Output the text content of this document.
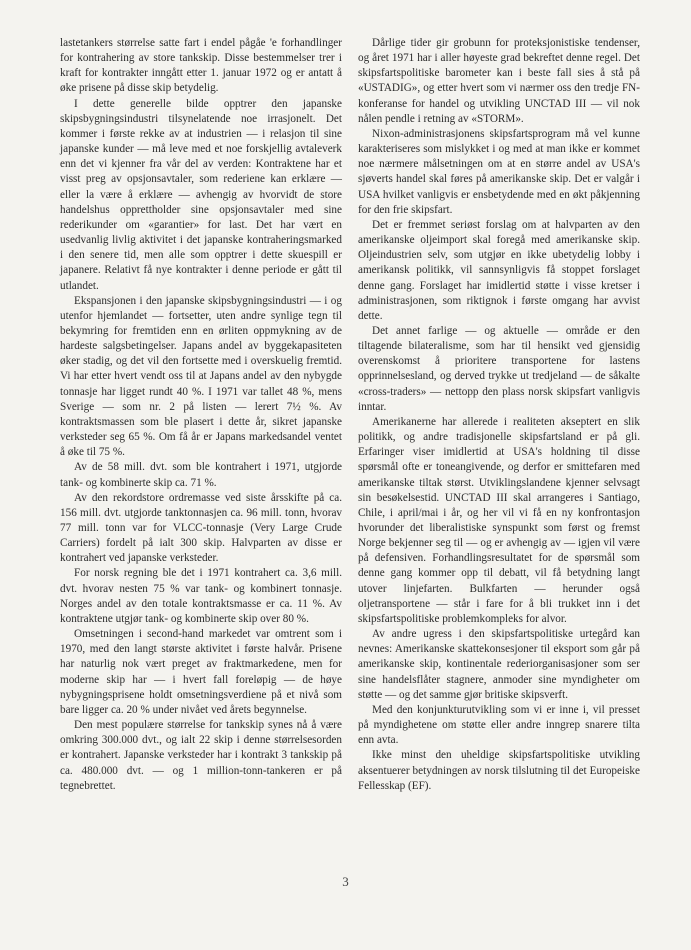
lastetankers størrelse satte fart i endel pågåe 'e forhandlinger for kontrahering av store tankskip. Disse bestemmelser trer i kraft for kontrakter inngått etter 1. januar 1972 og er antatt å øke prisene på disse skip betydelig.

I dette generelle bilde opptrer den japanske skipsbygningsindustri tilsynelatende noe irrasjonelt. Det kommer i første rekke av at industrien — i relasjon til sine japanske kunder — må leve med et noe forskjellig avtaleverk enn det vi kjenner fra vår del av verden: Kontraktene har et visst preg av opsjonsavtaler, som rederiene kan erklære — eller la være å erklære — avhengig av hvorvidt de store handelshus opprettholder sine opsjonsavtaler med sine rederikunder om «garantier» for last. Det har vært en usedvanlig livlig aktivitet i det japanske kontraheringsmarked i den senere tid, men alle som opptrer i dette skuespill er japanere. Relativt få nye kontrakter i denne periode er gått til utlandet.

Ekspansjonen i den japanske skipsbygningsindustri — i og utenfor hjemlandet — fortsetter, uten andre synlige tegn til bekymring for fremtiden enn en ørliten oppmykning av de hardeste salgsbetingelser. Japans andel av byggekapasiteten øker stadig, og det vil den fortsette med i overskuelig fremtid. Vi har etter hvert vendt oss til at Japans andel av den nybygde tonnasje har ligget rundt 40 %. I 1971 var tallet 48 %, mens Sverige — som nr. 2 på listen — lerert 7½ %. Av kontraktsmassen som ble plasert i dette år, sikret japanske verksteder seg 65 %. Om få år er Japans markedsandel ventet å øke til 75 %.

Av de 58 mill. dvt. som ble kontrahert i 1971, utgjorde tank- og kombinerte skip ca. 71 %.

Av den rekordstore ordremasse ved siste årsskifte på ca. 156 mill. dvt. utgjorde tanktonnasjen ca. 96 mill. tonn, hvorav 77 mill. tonn var for VLCC-tonnasje (Very Large Crude Carriers) fordelt på ialt 300 skip. Halvparten av disse er kontrahert ved japanske verksteder.

For norsk regning ble det i 1971 kontrahert ca. 3,6 mill. dvt. hvorav nesten 75 % var tank- og kombinert tonnasje. Norges andel av den totale kontraktsmasse er ca. 11 %. Av kontraktene utgjør tank- og kombinerte skip over 80 %.

Omsetningen i second-hand markedet var omtrent som i 1970, med den langt største aktivitet i første halvår. Prisene har naturlig nok vært preget av fraktmarkedene, men for moderne skip har — i hvert fall foreløpig — de høye nybygningsprisene holdt omsetningsverdiene på et nivå som bare ligger ca. 20 % under nivået ved årets begynnelse.

Den mest populære størrelse for tankskip synes nå å være omkring 300.000 dvt., og ialt 22 skip i denne størrelsesorden er kontrahert. Japanske verksteder har i kontrakt 3 tankskip på ca. 480.000 dvt. — og 1 million-tonn-tankeren er på tegnebrettet.

Dårlige tider gir grobunn for proteksjonistiske tendenser, og året 1971 har i aller høyeste grad bekreftet denne regel. Det skipsfartspolitiske barometer kan i beste fall sies å stå på «USTADIG», og etter hvert som vi nærmer oss den tredje FN-konferanse for handel og utvikling UNCTAD III — vil nok nålen pendle i retning av «STORM».

Nixon-administrasjonens skipsfartsprogram må vel kunne karakteriseres som mislykket i og med at man ikke er kommet noe nærmere målsetningen om at en større andel av USA's sjøverts handel skal føres på amerikanske skip. Det er valgår i USA hvilket vanligvis er ensbetydende med en økt påkjenning for den frie skipsfart.

Det er fremmet seriøst forslag om at halvparten av den amerikanske oljeimport skal foregå med amerikanske skip. Oljeindustrien selv, som utgjør en ikke ubetydelig lobby i amerikansk politikk, vil sannsynligvis få stoppet forslaget denne gang. Forslaget har imidlertid støtte i visse kretser i administrasjonen, som riktignok i første omgang har avvist dette.

Det annet farlige — og aktuelle — område er den tiltagende bilateralisme, som har til hensikt ved gjensidig overenskomst å prioritere transportene for lastens opprinnelsesland, og derved trykke ut tredjeland — de såkalte «cross-traders» — nettopp den plass norsk skipsfart vanligvis inntar.

Amerikanerne har allerede i realiteten akseptert en slik politikk, og andre tradisjonelle skipsfartsland er på gli. Erfaringer viser imidlertid at USA's holdning til disse spørsmål ofte er toneangivende, og derfor er smittefaren med amerikanske tiltak størst. Utviklingslandene kjenner selvsagt sin besøkelsestid. UNCTAD III skal arrangeres i Santiago, Chile, i april/mai i år, og her vil vi få en ny konfrontasjon hvorunder det liberalistiske synspunkt som først og fremst Norge bekjenner seg til — og er avhengig av — igjen vil være på defensiven. Forhandlingsresultatet for de spørsmål som denne gang kommer opp til debatt, vil få betydning langt utover linjefarten. Bulkfarten — herunder også oljetransportene — står i fare for å bli trukket inn i det skipsfartspolitiske problemkompleks for alvor.

Av andre ugress i den skipsfartspolitiske urtegård kan nevnes: Amerikanske skattekonsesjoner til eksport som går på amerikanske skip, kontinentale rederiorganisasjoner som ser sine handelsflåter stagnere, anmoder sine myndigheter om støtte — og det samme gjør britiske skipsverft.

Med den konjunkturutvikling som vi er inne i, vil presset på myndighetene om støtte eller andre inngrep snarere tilta enn avta.

Ikke minst den uheldige skipsfartspolitiske utvikling aksentuerer betydningen av norsk tilslutning til det Europeiske Fellesskap (EF).

3
